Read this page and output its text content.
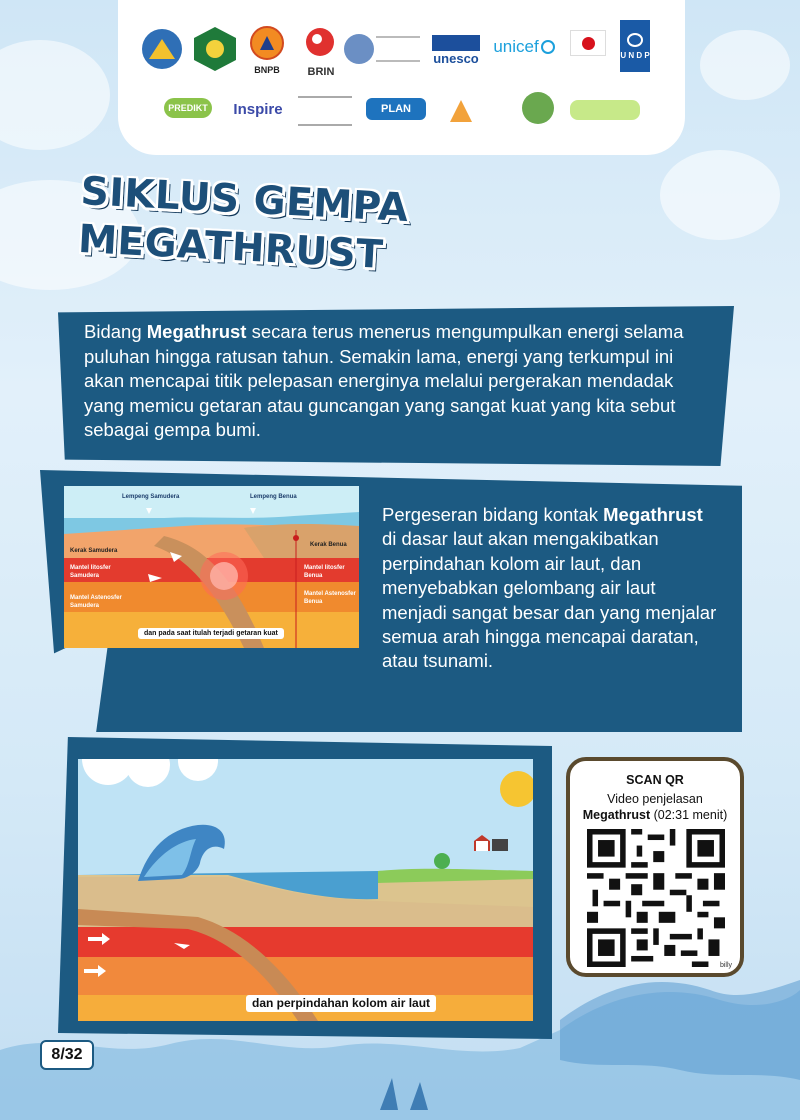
BNPB	BRIN
unesco
unicef	U N D P
PREDIKT Inspire	PLAN
SIKLUS GEMPA
MEGATHRUST
Bidang Megathrust secara terus menerus mengumpulkan energi selama puluhan hingga ratusan tahun. Semakin lama, energi yang terkumpul ini akan mencapai titik pelepasan energinya melalui pergerakan mendadak yang memicu getaran atau guncangan yang sangat kuat yang kita sebut sebagai gempa bumi.
Lempeng Samudera	Lempeng Benua
Kerak Samudera
Mantel litosfer Samudera
Mantel Astenosfer Samudera
Kerak Benua
Mantel litosfer Benua
Mantel Astenosfer Benua
dan pada saat itulah terjadi getaran kuat
Pergeseran bidang kontak Megathrust di dasar laut akan mengakibatkan perpindahan kolom air laut, dan menyebabkan gelombang air laut menjadi sangat besar dan yang menjalar semua arah hingga mencapai daratan, atau tsunami.
dan perpindahan kolom air laut
SCAN QR
Video penjelasan
Megathrust (02:31 menit)
billy
8/32
